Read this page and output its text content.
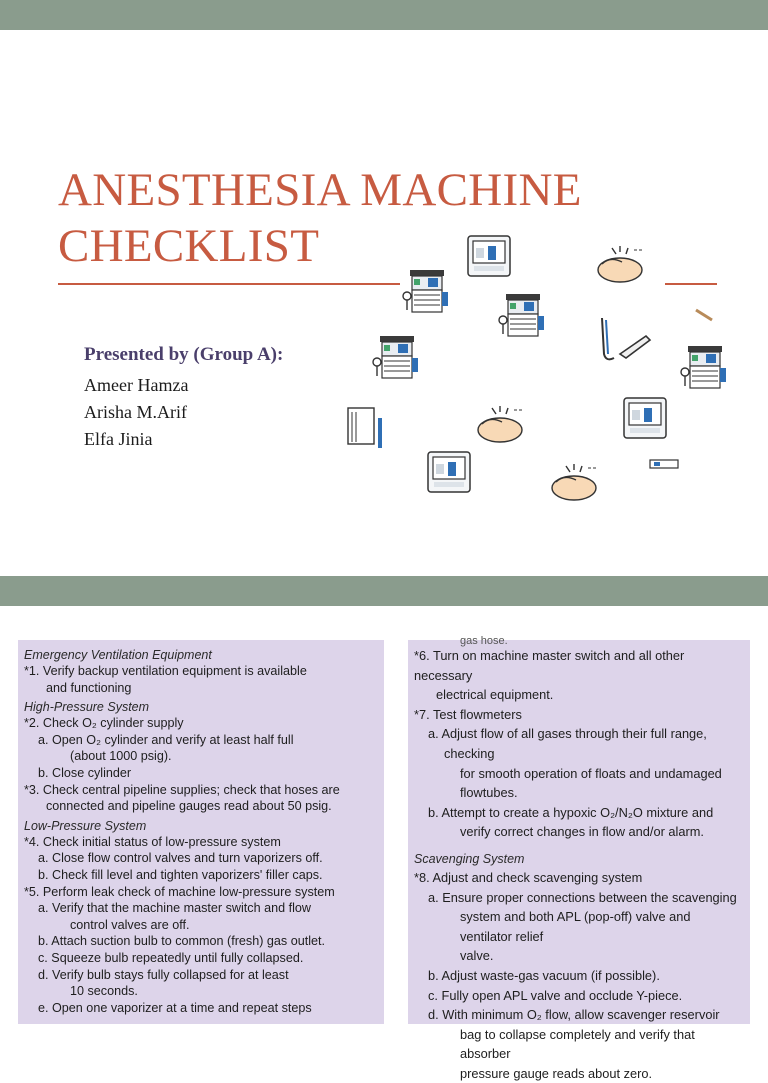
ANESTHESIA MACHINE
CHECKLIST
Presented by (Group A):
Ameer Hamza
Arisha M.Arif
Elfa Jinia
Emergency Ventilation Equipment
*1. Verify backup ventilation equipment is available
and functioning
High-Pressure System
*2. Check O₂ cylinder supply
a. Open O₂ cylinder and verify at least half full
(about 1000 psig).
b. Close cylinder
*3. Check central pipeline supplies; check that hoses are
connected and pipeline gauges read about 50 psig.
Low-Pressure System
*4. Check initial status of low-pressure system
a. Close flow control valves and turn vaporizers off.
b. Check fill level and tighten vaporizers' filler caps.
*5. Perform leak check of machine low-pressure system
a. Verify that the machine master switch and flow
control valves are off.
b. Attach suction bulb to common (fresh) gas outlet.
c. Squeeze bulb repeatedly until fully collapsed.
d. Verify bulb stays fully collapsed for at least
10 seconds.
e. Open one vaporizer at a time and repeat steps
gas hose.
*6. Turn on machine master switch and all other necessary
electrical equipment.
*7. Test flowmeters
a. Adjust flow of all gases through their full range, checking
for smooth operation of floats and undamaged
flowtubes.
b. Attempt to create a hypoxic O₂/N₂O mixture and
verify correct changes in flow and/or alarm.
Scavenging System
*8. Adjust and check scavenging system
a. Ensure proper connections between the scavenging
system and both APL (pop-off) valve and ventilator relief
valve.
b. Adjust waste-gas vacuum (if possible).
c. Fully open APL valve and occlude Y-piece.
d. With minimum O₂ flow, allow scavenger reservoir
bag to collapse completely and verify that absorber
pressure gauge reads about zero.
